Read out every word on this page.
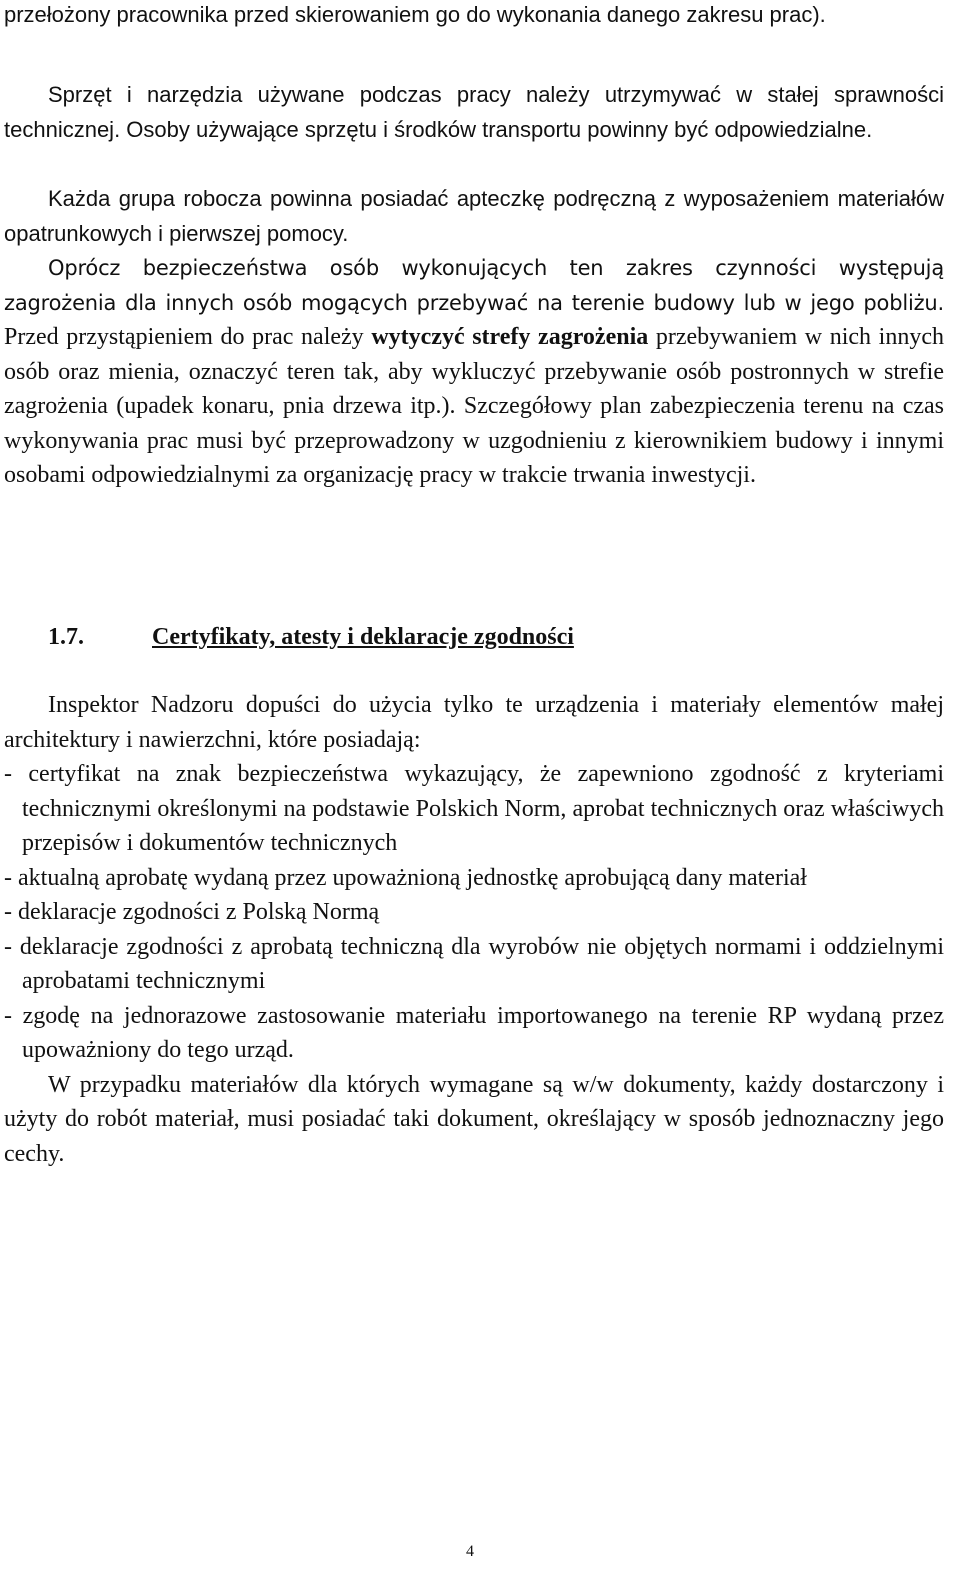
przełożony pracownika przed skierowaniem go do wykonania danego zakresu prac).

Sprzęt i narzędzia używane podczas pracy należy utrzymywać w stałej sprawności technicznej. Osoby używające sprzętu i środków transportu powinny być odpowiedzialne.

Każda grupa robocza powinna posiadać apteczkę podręczną z wyposażeniem materiałów opatrunkowych i pierwszej pomocy.

Oprócz bezpieczeństwa osób wykonujących ten zakres czynności występują zagrożenia dla innych osób mogących przebywać na terenie budowy lub w jego pobliżu. Przed przystąpieniem do prac należy wytyczyć strefy zagrożenia przebywaniem w nich innych osób oraz mienia, oznaczyć teren tak, aby wykluczyć przebywanie osób postronnych w strefie zagrożenia (upadek konaru, pnia drzewa itp.). Szczegółowy plan zabezpieczenia terenu na czas wykonywania prac musi być przeprowadzony w uzgodnieniu z kierownikiem budowy i innymi osobami odpowiedzialnymi za organizację pracy w trakcie trwania inwestycji.
1.7.	Certyfikaty, atesty i deklaracje zgodności

Inspektor Nadzoru dopuści do użycia tylko te urządzenia i materiały elementów małej architektury i nawierzchni, które posiadają:

- certyfikat na znak bezpieczeństwa wykazujący, że zapewniono zgodność z kryteriami technicznymi określonymi na podstawie Polskich Norm, aprobat technicznych oraz właściwych przepisów i dokumentów technicznych

- aktualną aprobatę wydaną przez upoważnioną jednostkę aprobującą dany materiał

- deklaracje zgodności z Polską Normą

- deklaracje zgodności z aprobatą techniczną dla wyrobów nie objętych normami i oddzielnymi aprobatami technicznymi

- zgodę na jednorazowe zastosowanie materiału importowanego na terenie RP wydaną przez upoważniony do tego urząd.

W przypadku materiałów dla których wymagane są w/w dokumenty, każdy dostarczony i użyty do robót materiał, musi posiadać taki dokument, określający w sposób jednoznaczny jego cechy.

4
